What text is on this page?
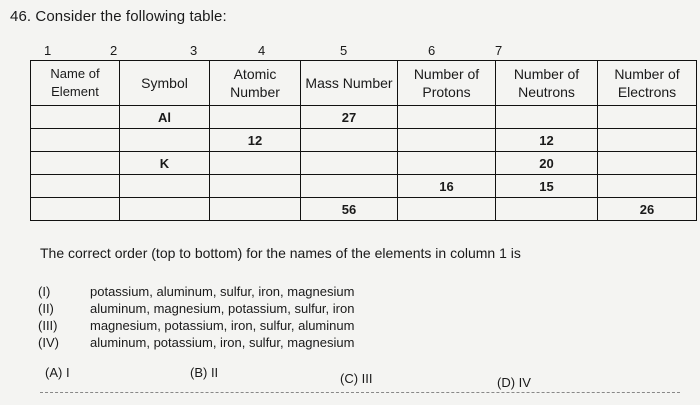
46. Consider the following table:
1	2	3	4	5	6	7
Name of Element	Symbol	Atomic Number	Mass Number	Number of Protons	Number of Neutrons	Number of Electrons
	Al		27			
		12			12	
	K				20	
				16	15	
			56			26
The correct order (top to bottom) for the names of the elements in column 1 is
(I)	potassium, aluminum, sulfur, iron, magnesium
(II)	aluminum, magnesium, potassium, sulfur, iron
(III)	magnesium, potassium, iron, sulfur, aluminum
(IV)	aluminum, potassium, iron, sulfur, magnesium
(A) I	(B) II	(C) III	(D) IV
